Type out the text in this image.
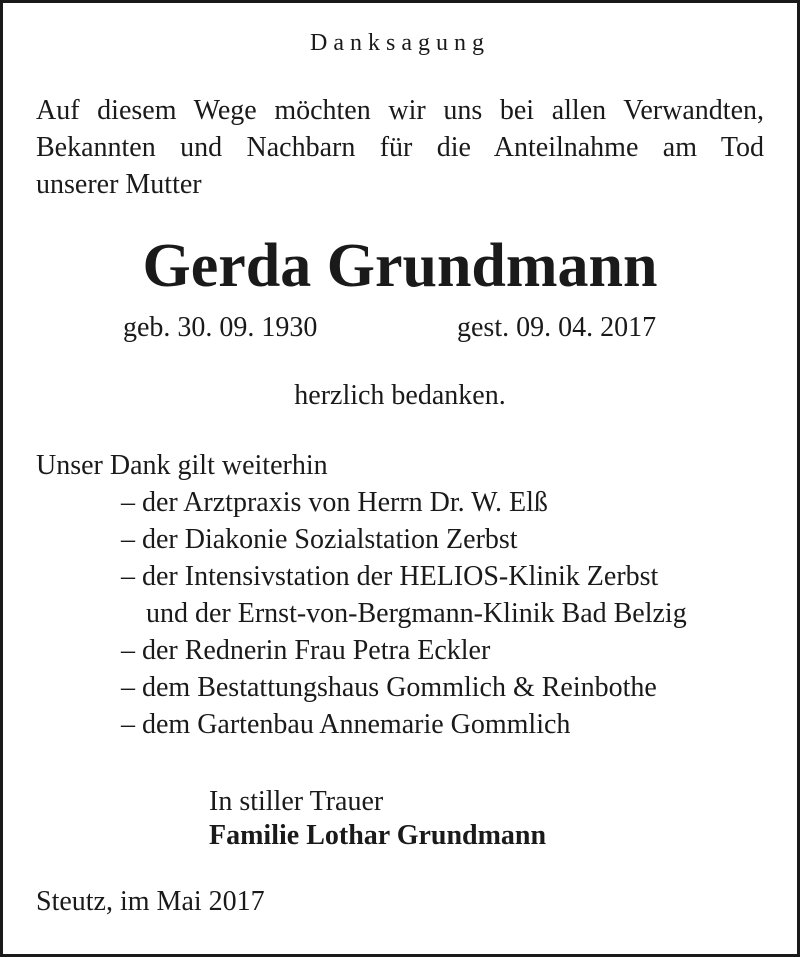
Danksagung
Auf diesem Wege möchten wir uns bei allen Verwandten,
Bekannten und Nachbarn für die Anteilnahme am Tod
unserer Mutter
Gerda Grundmann
geb. 30. 09. 1930	gest. 09. 04. 2017
herzlich bedanken.
Unser Dank gilt weiterhin
– der Arztpraxis von Herrn Dr. W. Elß
– der Diakonie Sozialstation Zerbst
– der Intensivstation der HELIOS-Klinik Zerbst
und der Ernst-von-Bergmann-Klinik Bad Belzig
– der Rednerin Frau Petra Eckler
– dem Bestattungshaus Gommlich & Reinbothe
– dem Gartenbau Annemarie Gommlich
In stiller Trauer
Familie Lothar Grundmann
Steutz, im Mai 2017
